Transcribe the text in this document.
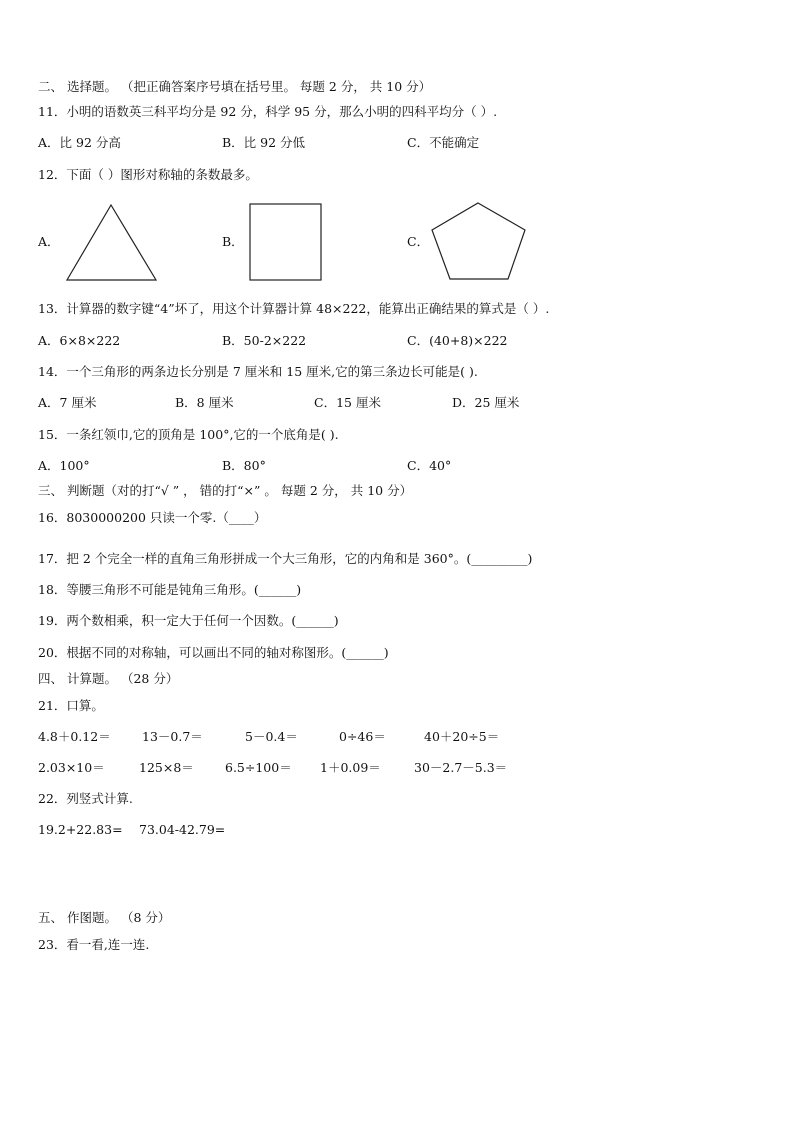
二、 选择题。 （把正确答案序号填在括号里。 每题 2 分， 共 10 分）
11．小明的语数英三科平均分是 92 分，科学 95 分，那么小明的四科平均分（ ）.
A．比 92 分高	B．比 92 分低	C．不能确定
12．下面（ ）图形对称轴的条数最多。
A．	B．	C．
13．计算器的数字键“4”坏了，用这个计算器计算 48×222，能算出正确结果的算式是（ ）.
A．6×8×222	B．50-2×222	C．(40+8)×222
14．一个三角形的两条边长分别是 7 厘米和 15 厘米,它的第三条边长可能是( ).
A．7 厘米	B．8 厘米	C．15 厘米	D．25 厘米
15．一条红领巾,它的顶角是 100°,它的一个底角是( ).
A．100°	B．80°	C．40°
三、 判断题（对的打“√ ” ， 错的打“×” 。 每题 2 分， 共 10 分）
16．8030000200 只读一个零.（____）
17．把 2 个完全一样的直角三角形拼成一个大三角形，它的内角和是 360°。(_________)
18．等腰三角形不可能是钝角三角形。(______)
19．两个数相乘，积一定大于任何一个因数。(______)
20．根据不同的对称轴，可以画出不同的轴对称图形。(______)
四、 计算题。 （28 分）
21．口算。
4.8＋0.12＝	13－0.7＝	5－0.4＝	0÷46＝	40＋20÷5＝
2.03×10＝	125×8＝ 6.5÷100＝ 1＋0.09＝	30－2.7－5.3＝
22．列竖式计算.
19.2+22.83= 73.04-42.79=
五、 作图题。 （8 分）
23．看一看,连一连.
